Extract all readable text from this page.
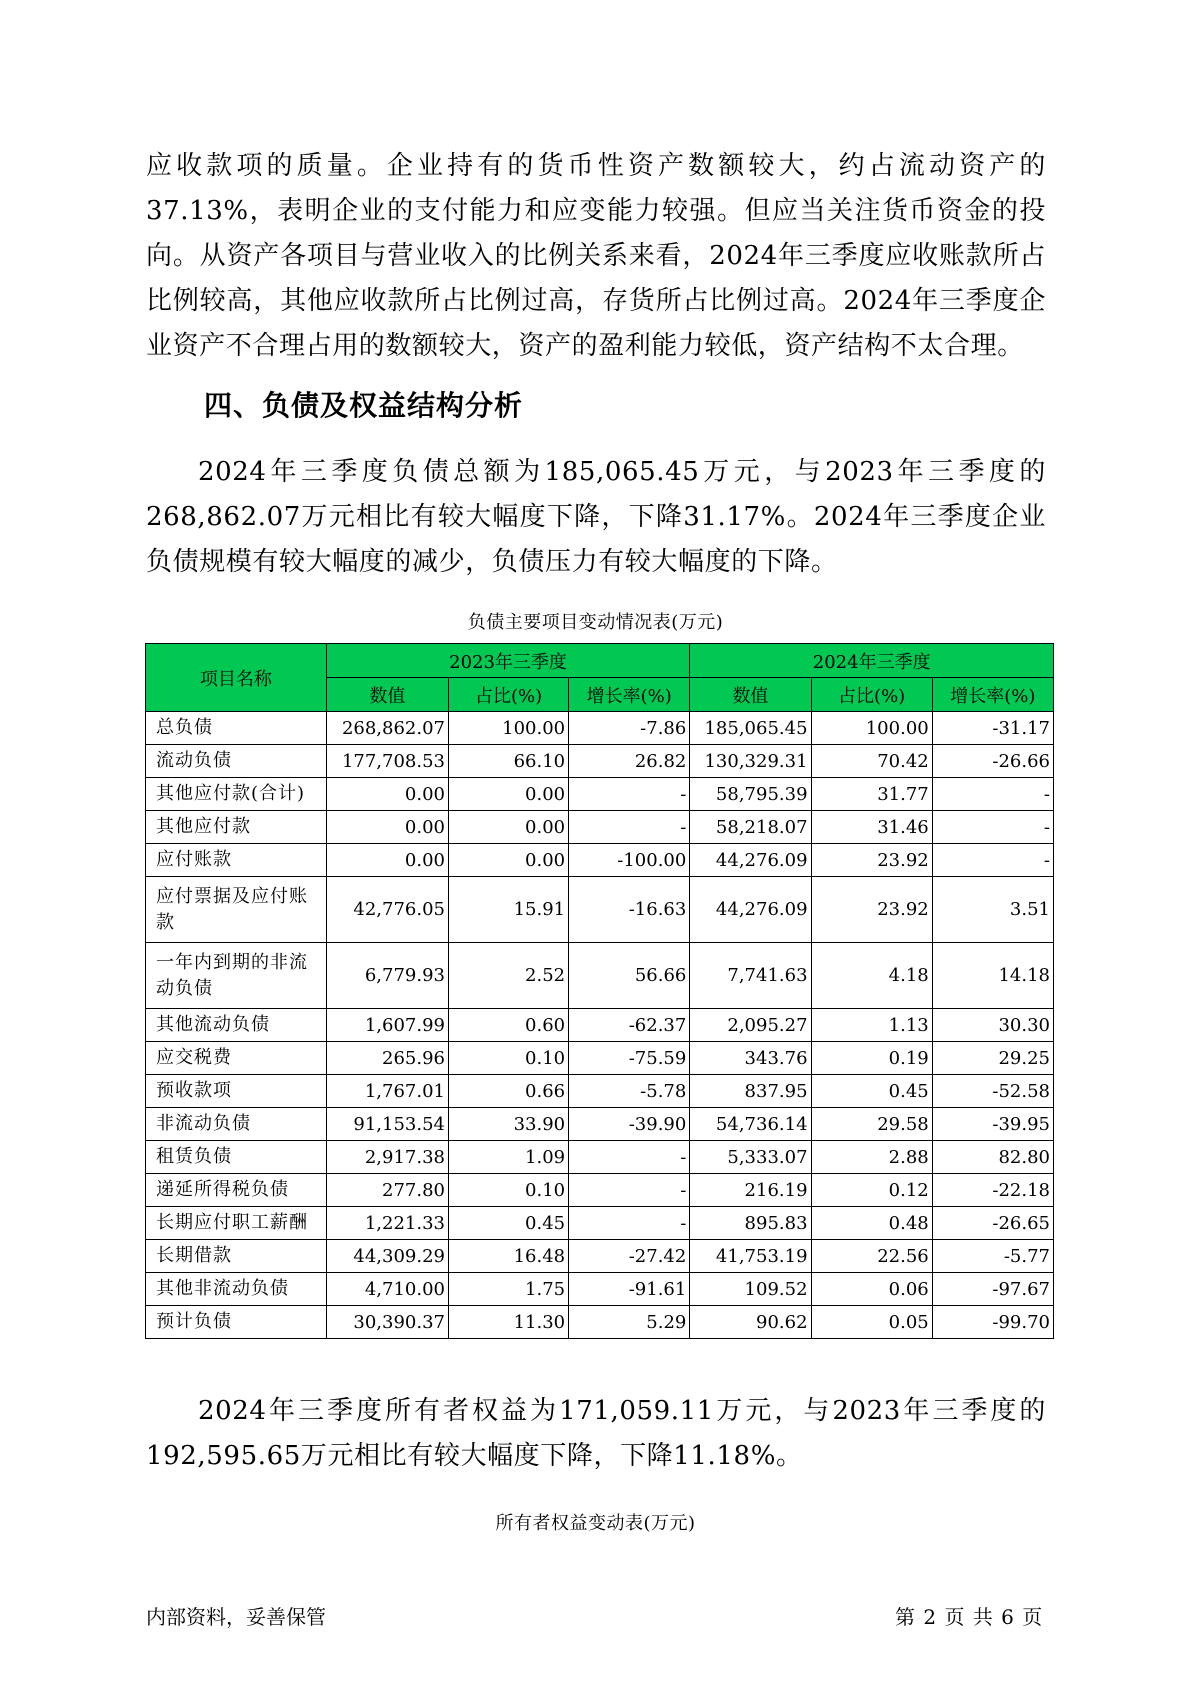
应收款项的质量。企业持有的货币性资产数额较大，约占流动资产的37.13%，表明企业的支付能力和应变能力较强。但应当关注货币资金的投向。从资产各项目与营业收入的比例关系来看，2024年三季度应收账款所占比例较高，其他应收款所占比例过高，存货所占比例过高。2024年三季度企业资产不合理占用的数额较大，资产的盈利能力较低，资产结构不太合理。

四、负债及权益结构分析

2024年三季度负债总额为185,065.45万元，与2023年三季度的268,862.07万元相比有较大幅度下降，下降31.17%。2024年三季度企业负债规模有较大幅度的减少，负债压力有较大幅度的下降。

负债主要项目变动情况表(万元)
项目名称	2023年三季度			2024年三季度		
	数值	占比(%)	增长率(%)	数值	占比(%)	增长率(%)
总负债	268,862.07	100.00	-7.86	185,065.45	100.00	-31.17
流动负债	177,708.53	66.10	26.82	130,329.31	70.42	-26.66
其他应付款(合计)	0.00	0.00	-	58,795.39	31.77	-
其他应付款	0.00	0.00	-	58,218.07	31.46	-
应付账款	0.00	0.00	-100.00	44,276.09	23.92	-
应付票据及应付账款	42,776.05	15.91	-16.63	44,276.09	23.92	3.51
一年内到期的非流动负债	6,779.93	2.52	56.66	7,741.63	4.18	14.18
其他流动负债	1,607.99	0.60	-62.37	2,095.27	1.13	30.30
应交税费	265.96	0.10	-75.59	343.76	0.19	29.25
预收款项	1,767.01	0.66	-5.78	837.95	0.45	-52.58
非流动负债	91,153.54	33.90	-39.90	54,736.14	29.58	-39.95
租赁负债	2,917.38	1.09	-	5,333.07	2.88	82.80
递延所得税负债	277.80	0.10	-	216.19	0.12	-22.18
长期应付职工薪酬	1,221.33	0.45	-	895.83	0.48	-26.65
长期借款	44,309.29	16.48	-27.42	41,753.19	22.56	-5.77
其他非流动负债	4,710.00	1.75	-91.61	109.52	0.06	-97.67
预计负债	30,390.37	11.30	5.29	90.62	0.05	-99.70

2024年三季度所有者权益为171,059.11万元，与2023年三季度的192,595.65万元相比有较大幅度下降，下降11.18%。

所有者权益变动表(万元)
内部资料，妥善保管	第 2 页 共 6 页
